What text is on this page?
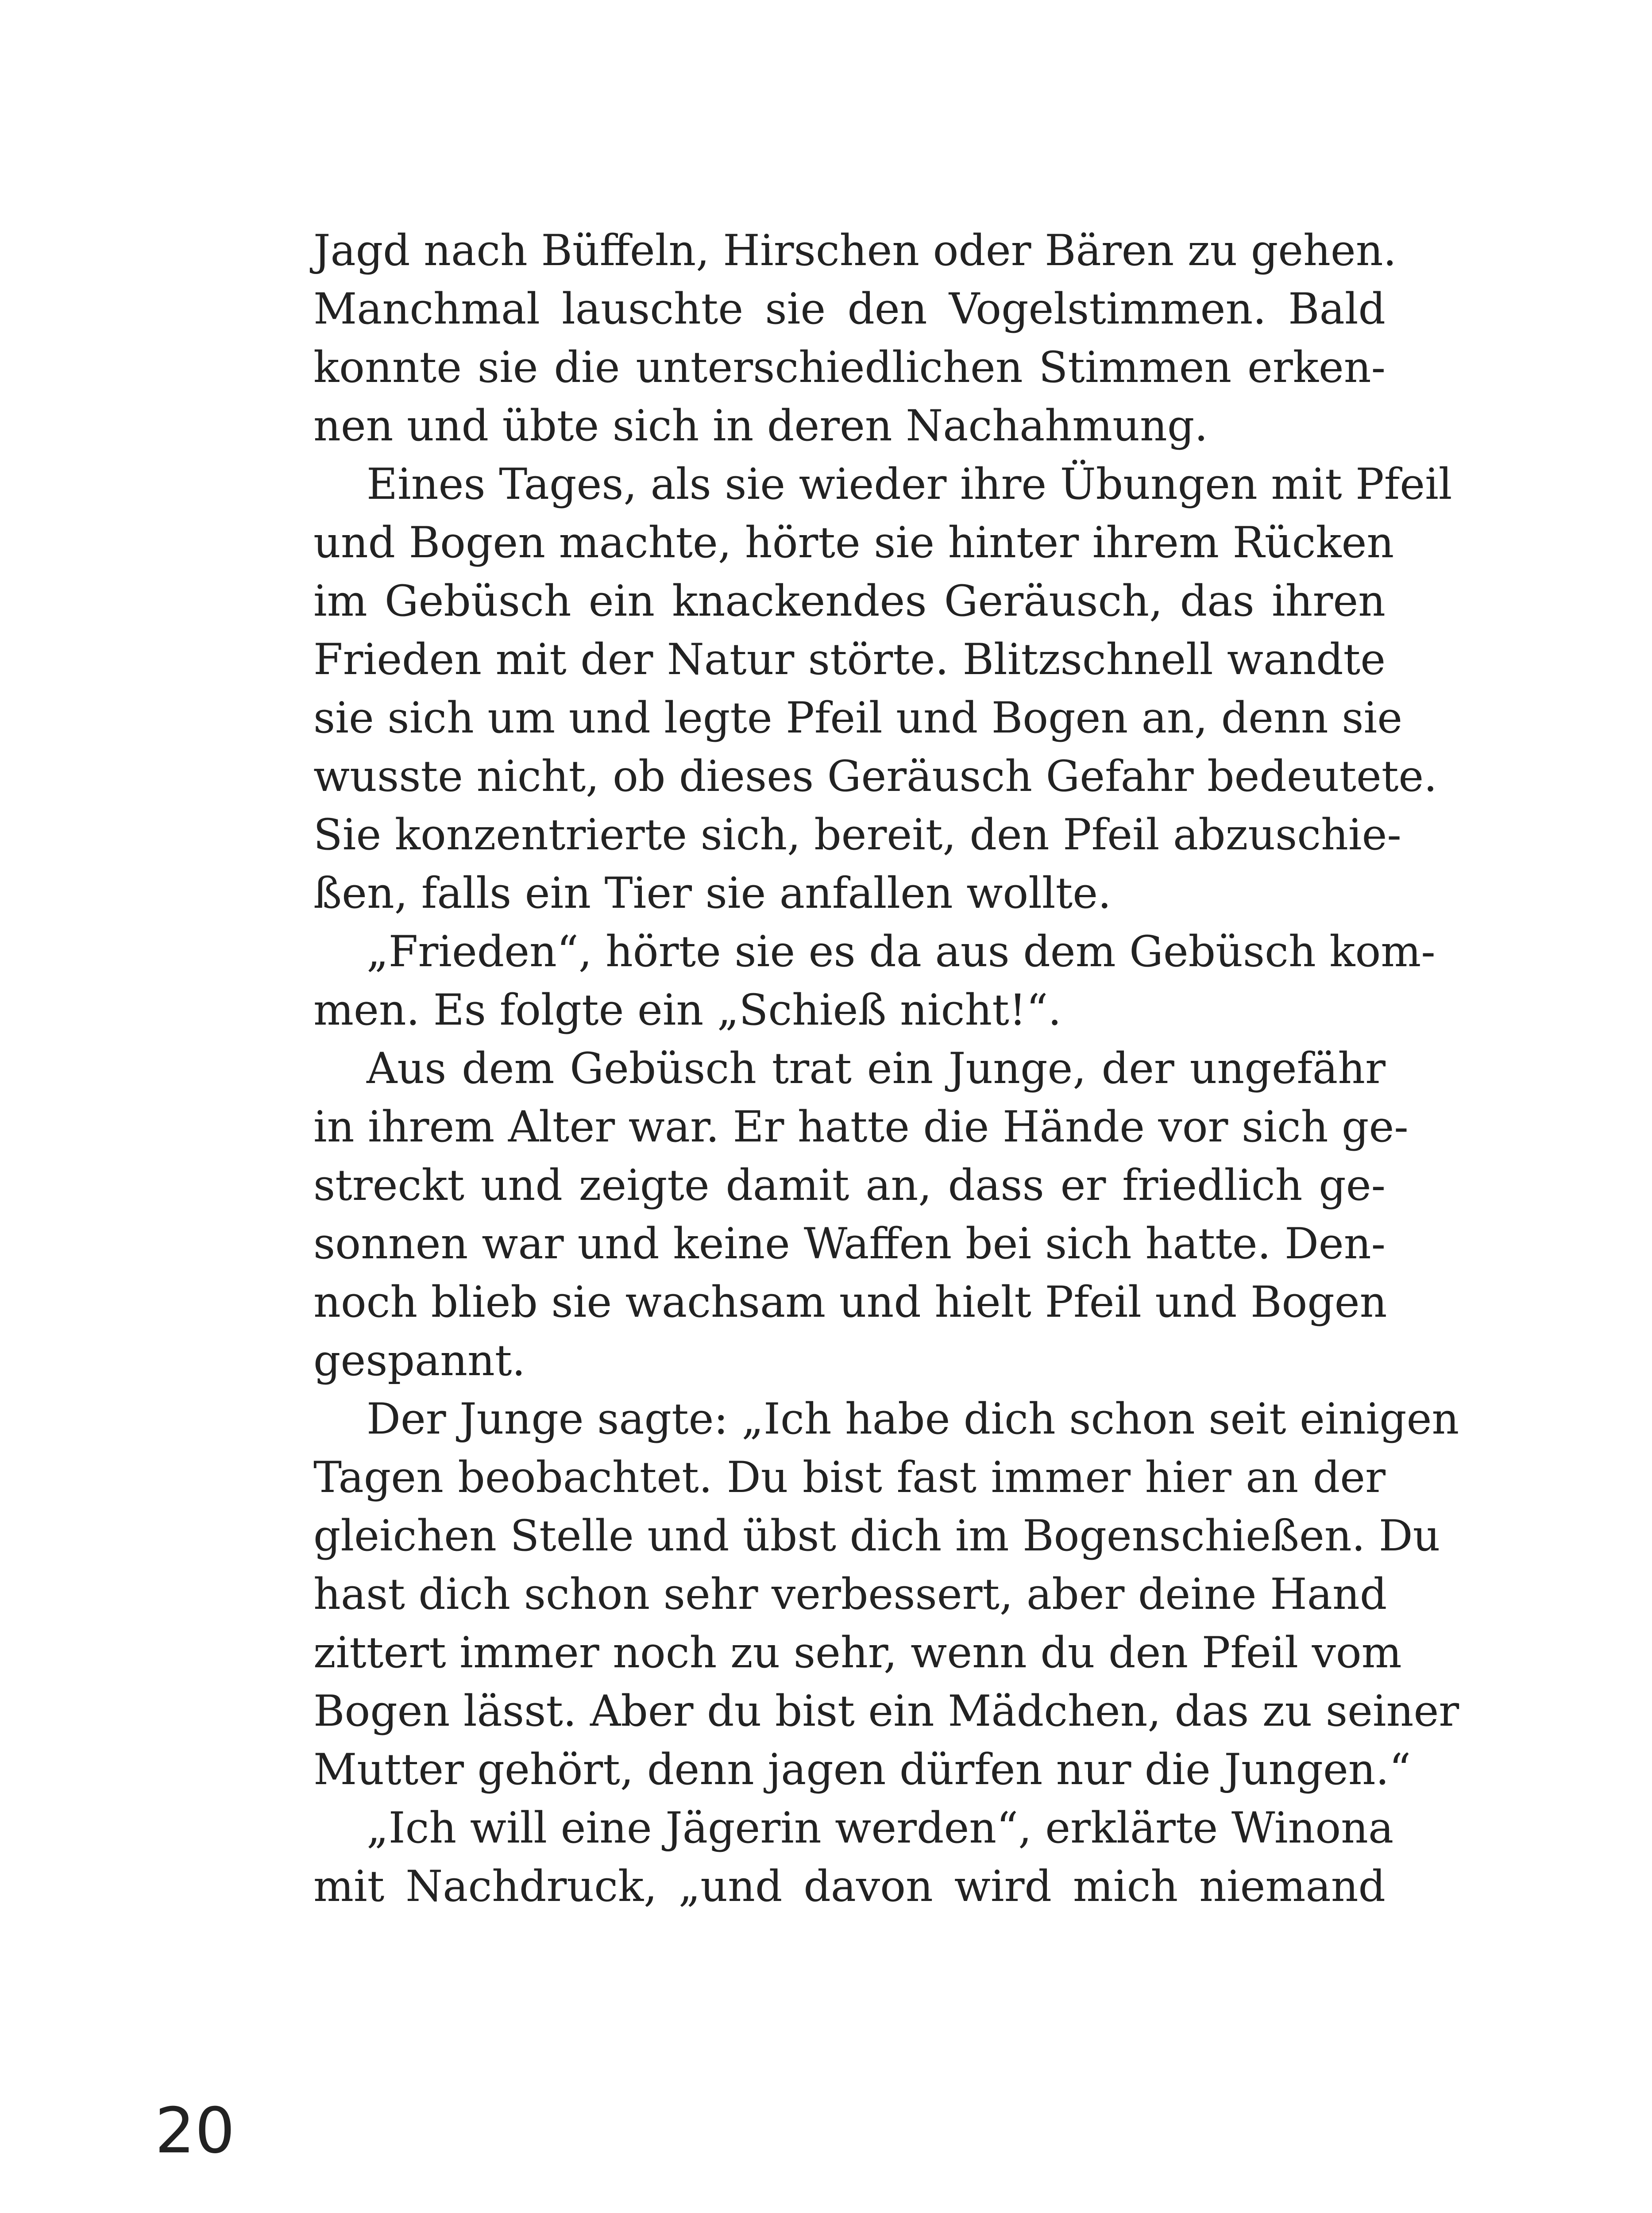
Jagd nach Büffeln, Hirschen oder Bären zu gehen.
Manchmal lauschte sie den Vogelstimmen. Bald
konnte sie die unterschiedlichen Stimmen erken-
nen und übte sich in deren Nachahmung.
Eines Tages, als sie wieder ihre Übungen mit Pfeil
und Bogen machte, hörte sie hinter ihrem Rücken
im Gebüsch ein knackendes Geräusch, das ihren
Frieden mit der Natur störte. Blitzschnell wandte
sie sich um und legte Pfeil und Bogen an, denn sie
wusste nicht, ob dieses Geräusch Gefahr bedeutete.
Sie konzentrierte sich, bereit, den Pfeil abzuschie-
ßen, falls ein Tier sie anfallen wollte.
„Frieden“, hörte sie es da aus dem Gebüsch kom-
men. Es folgte ein „Schieß nicht!“.
Aus dem Gebüsch trat ein Junge, der ungefähr
in ihrem Alter war. Er hatte die Hände vor sich ge-
streckt und zeigte damit an, dass er friedlich ge-
sonnen war und keine Waffen bei sich hatte. Den-
noch blieb sie wachsam und hielt Pfeil und Bogen
gespannt.
Der Junge sagte: „Ich habe dich schon seit einigen
Tagen beobachtet. Du bist fast immer hier an der
gleichen Stelle und übst dich im Bogenschießen. Du
hast dich schon sehr verbessert, aber deine Hand
zittert immer noch zu sehr, wenn du den Pfeil vom
Bogen lässt. Aber du bist ein Mädchen, das zu seiner
Mutter gehört, denn jagen dürfen nur die Jungen.“
„Ich will eine Jägerin werden“, erklärte Winona
mit Nachdruck, „und davon wird mich niemand
20
